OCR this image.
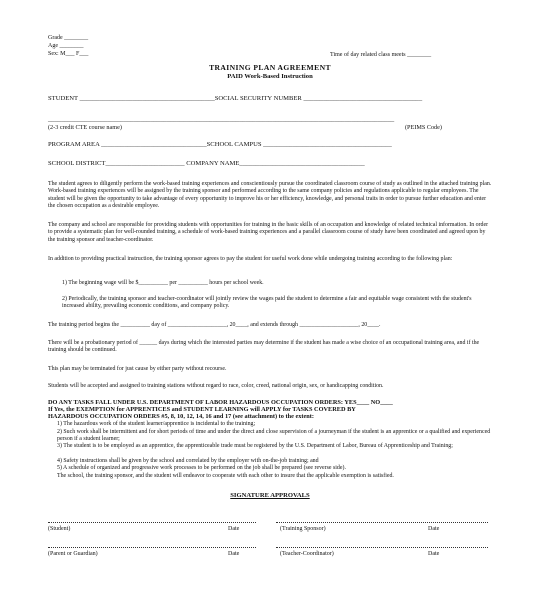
Grade ________
Age ________
Sex: M___ F___	Time of day related class meets ________
TRAINING PLAN AGREEMENT
PAID Work-Based Instruction
STUDENT _________________________________________SOCIAL SECURITY NUMBER ____________________________________
_________________________________________________________________________________________________________
(2-3 credit CTE course name)	(PEIMS Code)
PROGRAM AREA ________________________________SCHOOL CAMPUS _______________________________________
SCHOOL DISTRICT________________________ COMPANY NAME______________________________________
The student agrees to diligently perform the work-based training experiences and conscientiously pursue the coordinated classroom course of study as outlined in the attached training plan. Work-based training experiences will be assigned by the training sponsor and performed according to the same company policies and regulations applicable to regular employees. The student will be given the opportunity to take advantage of every opportunity to improve his or her efficiency, knowledge, and personal traits in order to pursue further education and enter the chosen occupation as a desirable employee.
The company and school are responsible for providing students with opportunities for training in the basic skills of an occupation and knowledge of related technical information. In order to provide a systematic plan for well-rounded training, a schedule of work-based training experiences and a parallel classroom course of study have been coordinated and agreed upon by the training sponsor and teacher-coordinator.
In addition to providing practical instruction, the training sponsor agrees to pay the student for useful work done while undergoing training according to the following plan:
1) The beginning wage will be $__________ per __________ hours per school week.
2) Periodically, the training sponsor and teacher-coordinator will jointly review the wages paid the student to determine a fair and equitable wage consistent with the student's increased ability, prevailing economic conditions, and company policy.
The training period begins the __________ day of ____________________, 20____, and extends through ____________________, 20____.
There will be a probationary period of ______ days during which the interested parties may determine if the student has made a wise choice of an occupational training area, and if the training should be continued.
This plan may be terminated for just cause by either party without recourse.
Students will be accepted and assigned to training stations without regard to race, color, creed, national origin, sex, or handicapping condition.
DO ANY TASKS FALL UNDER U.S. DEPARTMENT OF LABOR HAZARDOUS OCCUPATION ORDERS: YES____ NO____
If Yes, the EXEMPTION for APPRENTICES and STUDENT LEARNING will APPLY for TASKS COVERED BY
HAZARDOUS OCCUPATION ORDERS #5, 8, 10, 12, 14, 16 and 17 (see attachment) to the extent:
1) The hazardous work of the student learner/apprentice is incidental to the training;
2) Such work shall be intermittent and for short periods of time and under the direct and close supervision of a journeyman if the student is an apprentice or a qualified and experienced person if a student learner;
3) The student is to be employed as an apprentice, the apprenticeable trade must be registered by the U.S. Department of Labor, Bureau of Apprenticeship and Training;
4) Safety instructions shall be given by the school and correlated by the employer with on-the-job training; and
5) A schedule of organized and progressive work processes to be performed on the job shall be prepared (see reverse side).
The school, the training sponsor, and the student will endeavor to cooperate with each other to insure that the applicable exemption is satisfied.
SIGNATURE APPROVALS
(Student)	Date	(Training Sponsor)	Date
(Parent or Guardian)	Date	(Teacher-Coordinator)	Date
